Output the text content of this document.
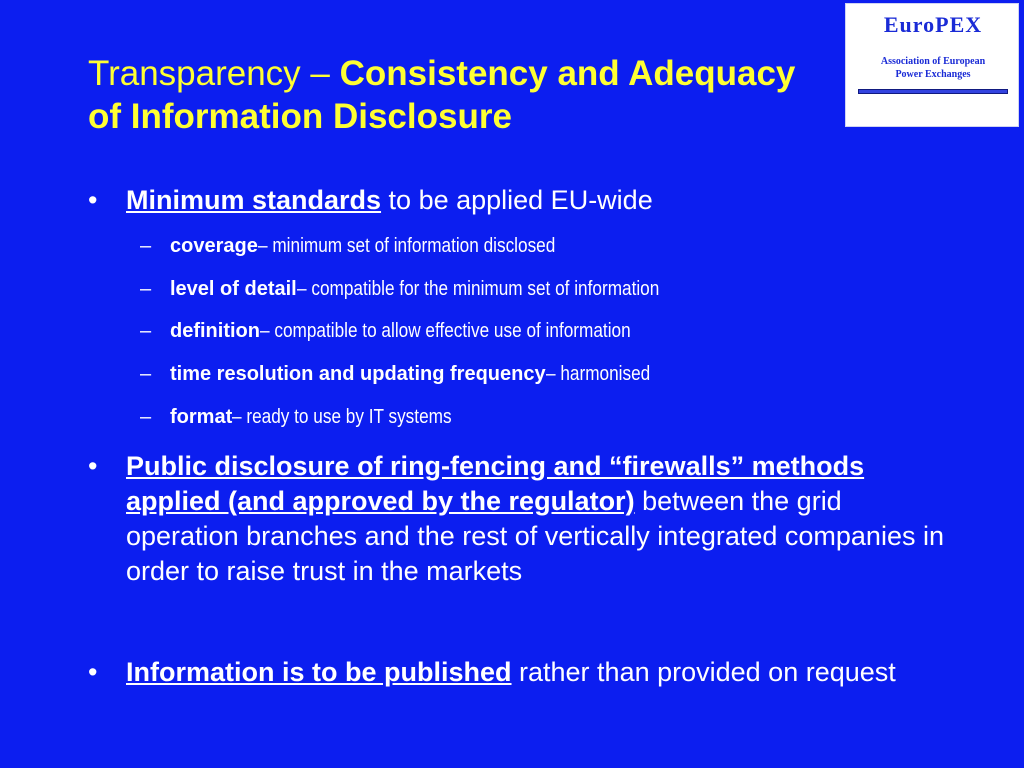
Transparency – Consistency and Adequacy of Information Disclosure
EuroPEX
Association of European
Power Exchanges
•	Minimum standards to be applied EU-wide
– coverage– minimum set of information disclosed
– level of detail– compatible for the minimum set of information
– definition– compatible to allow effective use of information
– time resolution and updating frequency– harmonised
– format– ready to use by IT systems
•	Public disclosure of ring-fencing and “firewalls” methods applied (and approved by the regulator) between the grid operation branches and the rest of vertically integrated companies in order to raise trust in the markets
•	Information is to be published rather than provided on request
